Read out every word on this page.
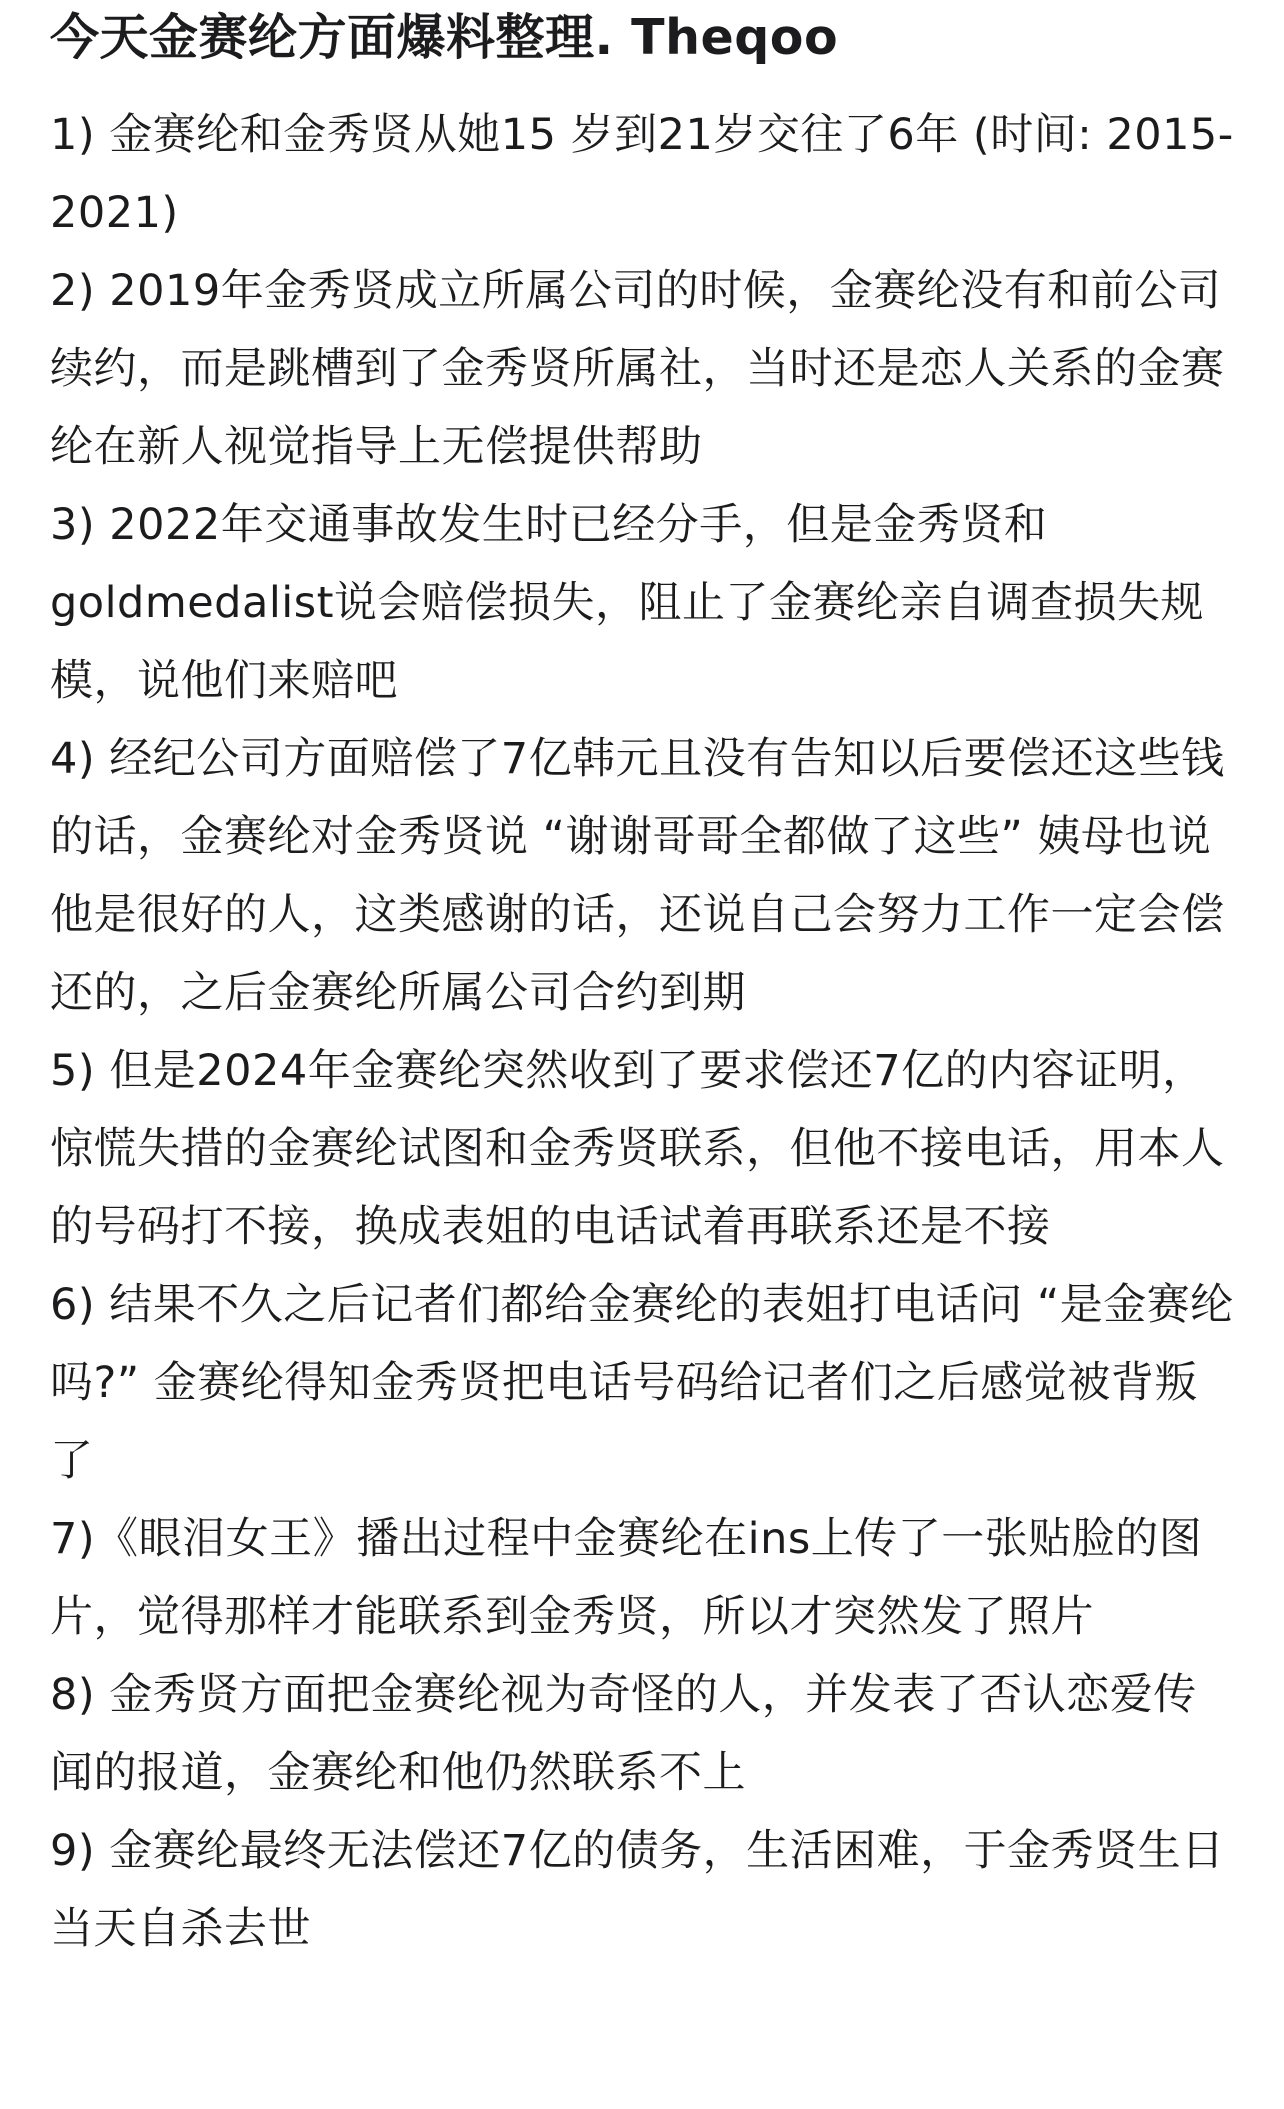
今天金赛纶方面爆料整理. Theqoo
1) 金赛纶和金秀贤从她15 岁到21岁交往了6年 (时间: 2015-2021)
2) 2019年金秀贤成立所属公司的时候，金赛纶没有和前公司续约，而是跳槽到了金秀贤所属社，当时还是恋人关系的金赛纶在新人视觉指导上无偿提供帮助
3) 2022年交通事故发生时已经分手，但是金秀贤和 goldmedalist说会赔偿损失，阻止了金赛纶亲自调查损失规模，说他们来赔吧
4) 经纪公司方面赔偿了7亿韩元且没有告知以后要偿还这些钱的话，金赛纶对金秀贤说 “谢谢哥哥全都做了这些” 姨母也说他是很好的人，这类感谢的话，还说自己会努力工作一定会偿还的，之后金赛纶所属公司合约到期
5) 但是2024年金赛纶突然收到了要求偿还7亿的内容证明，惊慌失措的金赛纶试图和金秀贤联系，但他不接电话，用本人的号码打不接，换成表姐的电话试着再联系还是不接
6) 结果不久之后记者们都给金赛纶的表姐打电话问 “是金赛纶吗?” 金赛纶得知金秀贤把电话号码给记者们之后感觉被背叛了
7)《眼泪女王》播出过程中金赛纶在ins上传了一张贴脸的图片，觉得那样才能联系到金秀贤，所以才突然发了照片
8) 金秀贤方面把金赛纶视为奇怪的人，并发表了否认恋爱传闻的报道，金赛纶和他仍然联系不上
9) 金赛纶最终无法偿还7亿的债务，生活困难，于金秀贤生日当天自杀去世
